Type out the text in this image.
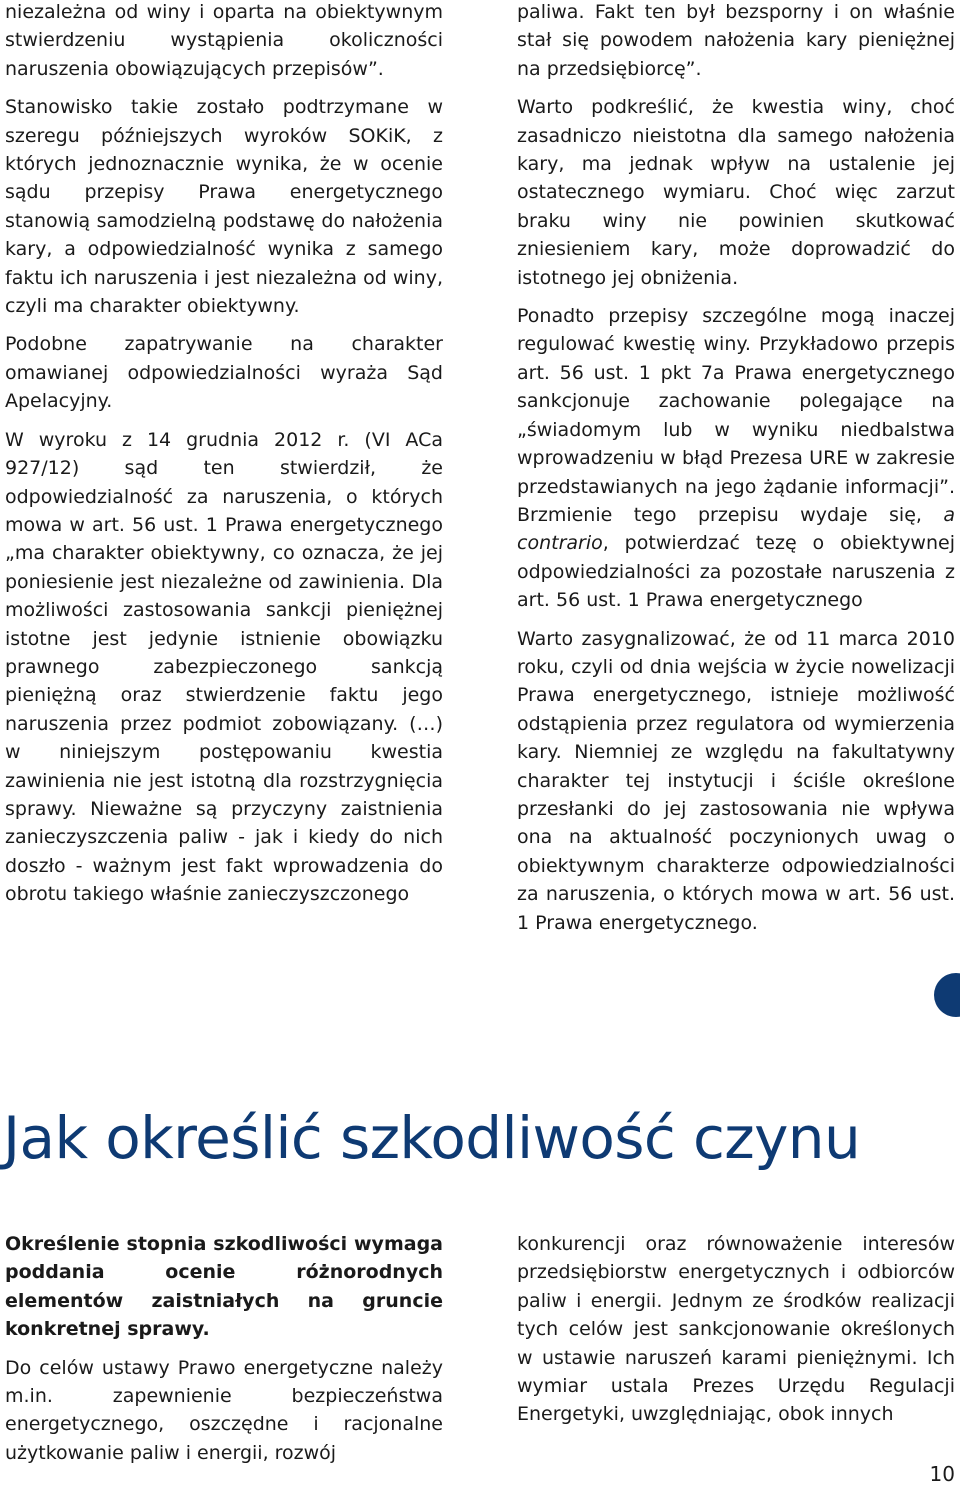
niezależna od winy i oparta na obiektywnym stwierdzeniu wystąpienia okoliczności naruszenia obowiązujących przepisów”.

Stanowisko takie zostało podtrzymane w szeregu późniejszych wyroków SOKiK, z których jednoznacznie wynika, że w ocenie sądu przepisy Prawa energetycznego stanowią samodzielną podstawę do nałożenia kary, a odpowiedzialność wynika z samego faktu ich naruszenia i jest niezależna od winy, czyli ma charakter obiektywny.

Podobne zapatrywanie na charakter omawianej odpowiedzialności wyraża Sąd Apelacyjny.

W wyroku z 14 grudnia 2012 r. (VI ACa 927/12) sąd ten stwierdził, że odpowiedzialność za naruszenia, o których mowa w art. 56 ust. 1 Prawa energetycznego „ma charakter obiektywny, co oznacza, że jej poniesienie jest niezależne od zawinienia. Dla możliwości zastosowania sankcji pieniężnej istotne jest jedynie istnienie obowiązku prawnego zabezpieczonego sankcją pieniężną oraz stwierdzenie faktu jego naruszenia przez podmiot zobowiązany. (…) w niniejszym postępowaniu kwestia zawinienia nie jest istotną dla rozstrzygnięcia sprawy. Nieważne są przyczyny zaistnienia zanieczyszczenia paliw - jak i kiedy do nich doszło - ważnym jest fakt wprowadzenia do obrotu takiego właśnie zanieczyszczonego

paliwa. Fakt ten był bezsporny i on właśnie stał się powodem nałożenia kary pieniężnej na przedsiębiorcę”.

Warto podkreślić, że kwestia winy, choć zasadniczo nieistotna dla samego nałożenia kary, ma jednak wpływ na ustalenie jej ostatecznego wymiaru. Choć więc zarzut braku winy nie powinien skutkować zniesieniem kary, może doprowadzić do istotnego jej obniżenia.

Ponadto przepisy szczególne mogą inaczej regulować kwestię winy. Przykładowo przepis art. 56 ust. 1 pkt 7a Prawa energetycznego sankcjonuje zachowanie polegające na „świadomym lub w wyniku niedbalstwa wprowadzeniu w błąd Prezesa URE w zakresie przedstawianych na jego żądanie informacji”. Brzmienie tego przepisu wydaje się, a contrario, potwierdzać tezę o obiektywnej odpowiedzialności za pozostałe naruszenia z art. 56 ust. 1 Prawa energetycznego

Warto zasygnalizować, że od 11 marca 2010 roku, czyli od dnia wejścia w życie nowelizacji Prawa energetycznego, istnieje możliwość odstąpienia przez regulatora od wymierzenia kary. Niemniej ze względu na fakultatywny charakter tej instytucji i ściśle określone przesłanki do jej zastosowania nie wpływa ona na aktualność poczynionych uwag o obiektywnym charakterze odpowiedzialności za naruszenia, o których mowa w art. 56 ust. 1 Prawa energetycznego.

Jak określić szkodliwość czynu

Określenie stopnia szkodliwości wymaga poddania ocenie różnorodnych elementów zaistniałych na gruncie konkretnej sprawy.

Do celów ustawy Prawo energetyczne należy m.in. zapewnienie bezpieczeństwa energetycznego, oszczędne i racjonalne użytkowanie paliw i energii, rozwój

konkurencji oraz równoważenie interesów przedsiębiorstw energetycznych i odbiorców paliw i energii. Jednym ze środków realizacji tych celów jest sankcjonowanie określonych w ustawie naruszeń karami pieniężnymi. Ich wymiar ustala Prezes Urzędu Regulacji Energetyki, uwzględniając, obok innych

10
